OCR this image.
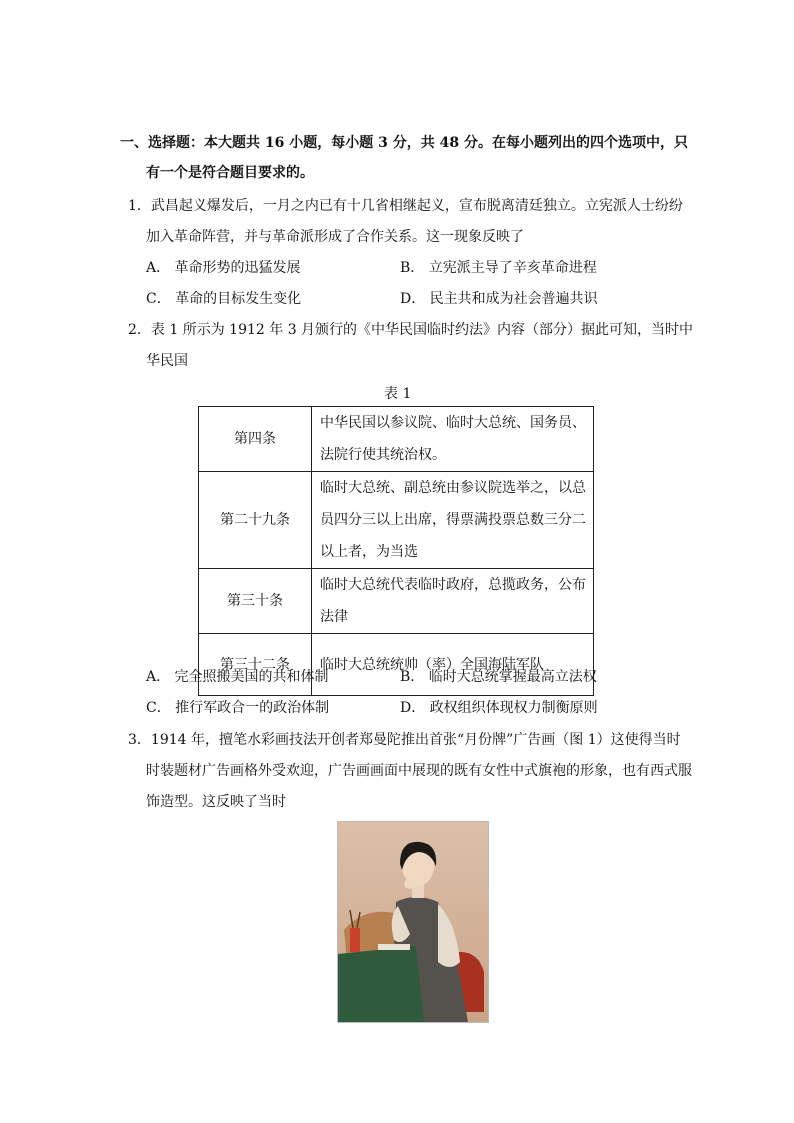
一、选择题：本大题共 16 小题，每小题 3 分，共 48 分。在每小题列出的四个选项中，只
有一个是符合题目要求的。
1．武昌起义爆发后，一月之内已有十几省相继起义，宣布脱离清廷独立。立宪派人士纷纷
加入革命阵营，并与革命派形成了合作关系。这一现象反映了
A． 革命形势的迅猛发展	B． 立宪派主导了辛亥革命进程
C． 革命的目标发生变化	D． 民主共和成为社会普遍共识
2．表 1 所示为 1912 年 3 月颁行的《中华民国临时约法》内容（部分）据此可知，当时中
华民国
表 1
第四条	中华民国以参议院、临时大总统、国务员、法院行使其统治权。

第二十九条	临时大总统、副总统由参议院选举之，以总员四分三以上出席，得票满投票总数三分二以上者，为当选
第三十条	临时大总统代表临时政府，总揽政务，公布法律

第三十二条	临时大总统统帅（率）全国海陆军队
A． 完全照搬美国的共和体制	B． 临时大总统掌握最高立法权
C． 推行军政合一的政治体制	D． 政权组织体现权力制衡原则
3．1914 年，擅笔水彩画技法开创者郑曼陀推出首张“月份牌”广告画（图 1）这使得当时
时装题材广告画格外受欢迎，广告画画面中展现的既有女性中式旗袍的形象，也有西式服
饰造型。这反映了当时
